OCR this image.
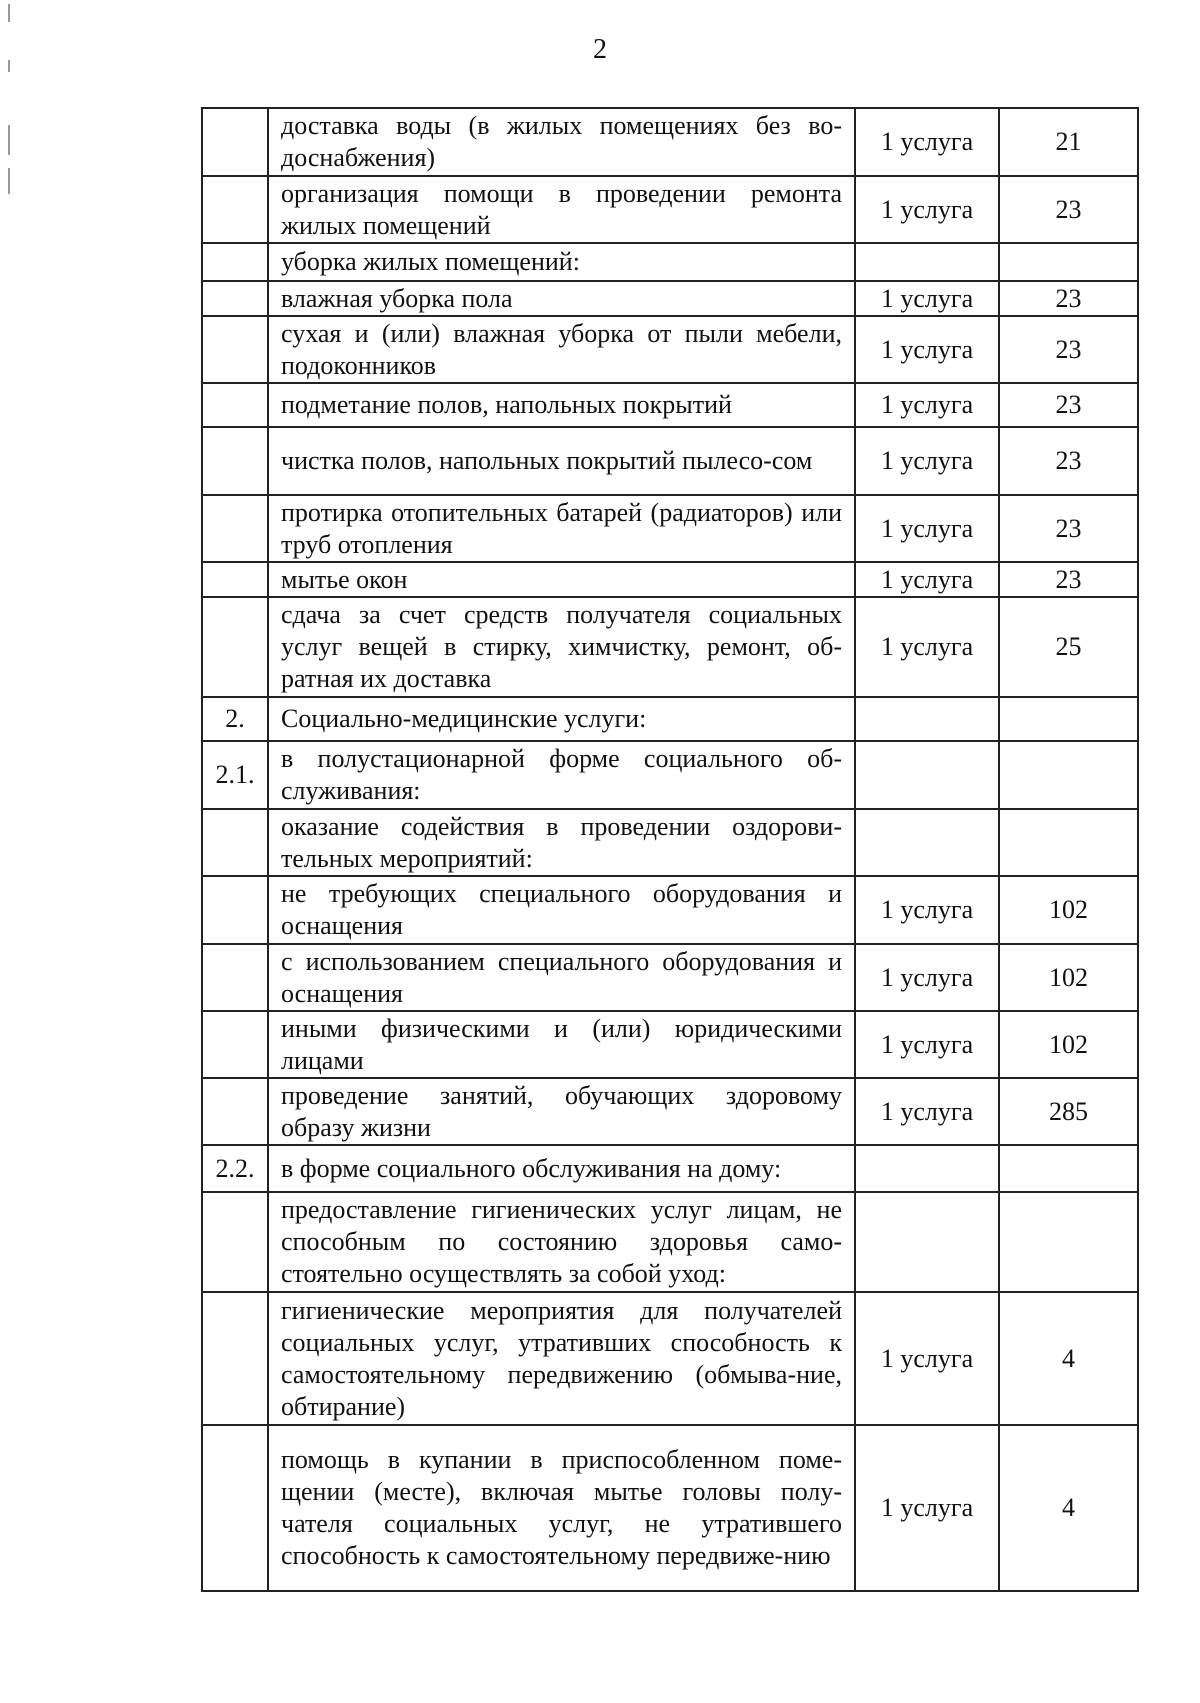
2
	доставка воды (в жилых помещениях без во-доснабжения)	1 услуга	21
	организация помощи в проведении ремонта жилых помещений	1 услуга	23
	уборка жилых помещений:		
	влажная уборка пола	1 услуга	23
	сухая и (или) влажная уборка от пыли мебели, подоконников	1 услуга	23
	подметание полов, напольных покрытий	1 услуга	23
	чистка полов, напольных покрытий пылесо-сом	1 услуга	23
	протирка отопительных батарей (радиаторов) или труб отопления	1 услуга	23
	мытье окон	1 услуга	23
	сдача за счет средств получателя социальных услуг вещей в стирку, химчистку, ремонт, об-ратная их доставка	1 услуга	25
2.	Социально-медицинские услуги:		
2.1.	в полустационарной форме социального об-служивания:		
	оказание содействия в проведении оздорови-тельных мероприятий:		
	не требующих специального оборудования и оснащения	1 услуга	102
	с использованием специального оборудования и оснащения	1 услуга	102
	иными физическими и (или) юридическими лицами	1 услуга	102
	проведение занятий, обучающих здоровому образу жизни	1 услуга	285
2.2.	в форме социального обслуживания на дому:		
	предоставление гигиенических услуг лицам, не способным по состоянию здоровья само-стоятельно осуществлять за собой уход:		
	гигиенические мероприятия для получателей социальных услуг, утративших способность к самостоятельному передвижению (обмыва-ние, обтирание)	1 услуга	4
	помощь в купании в приспособленном поме-щении (месте), включая мытье головы полу-чателя социальных услуг, не утратившего способность к самостоятельному передвиже-нию	1 услуга	4
